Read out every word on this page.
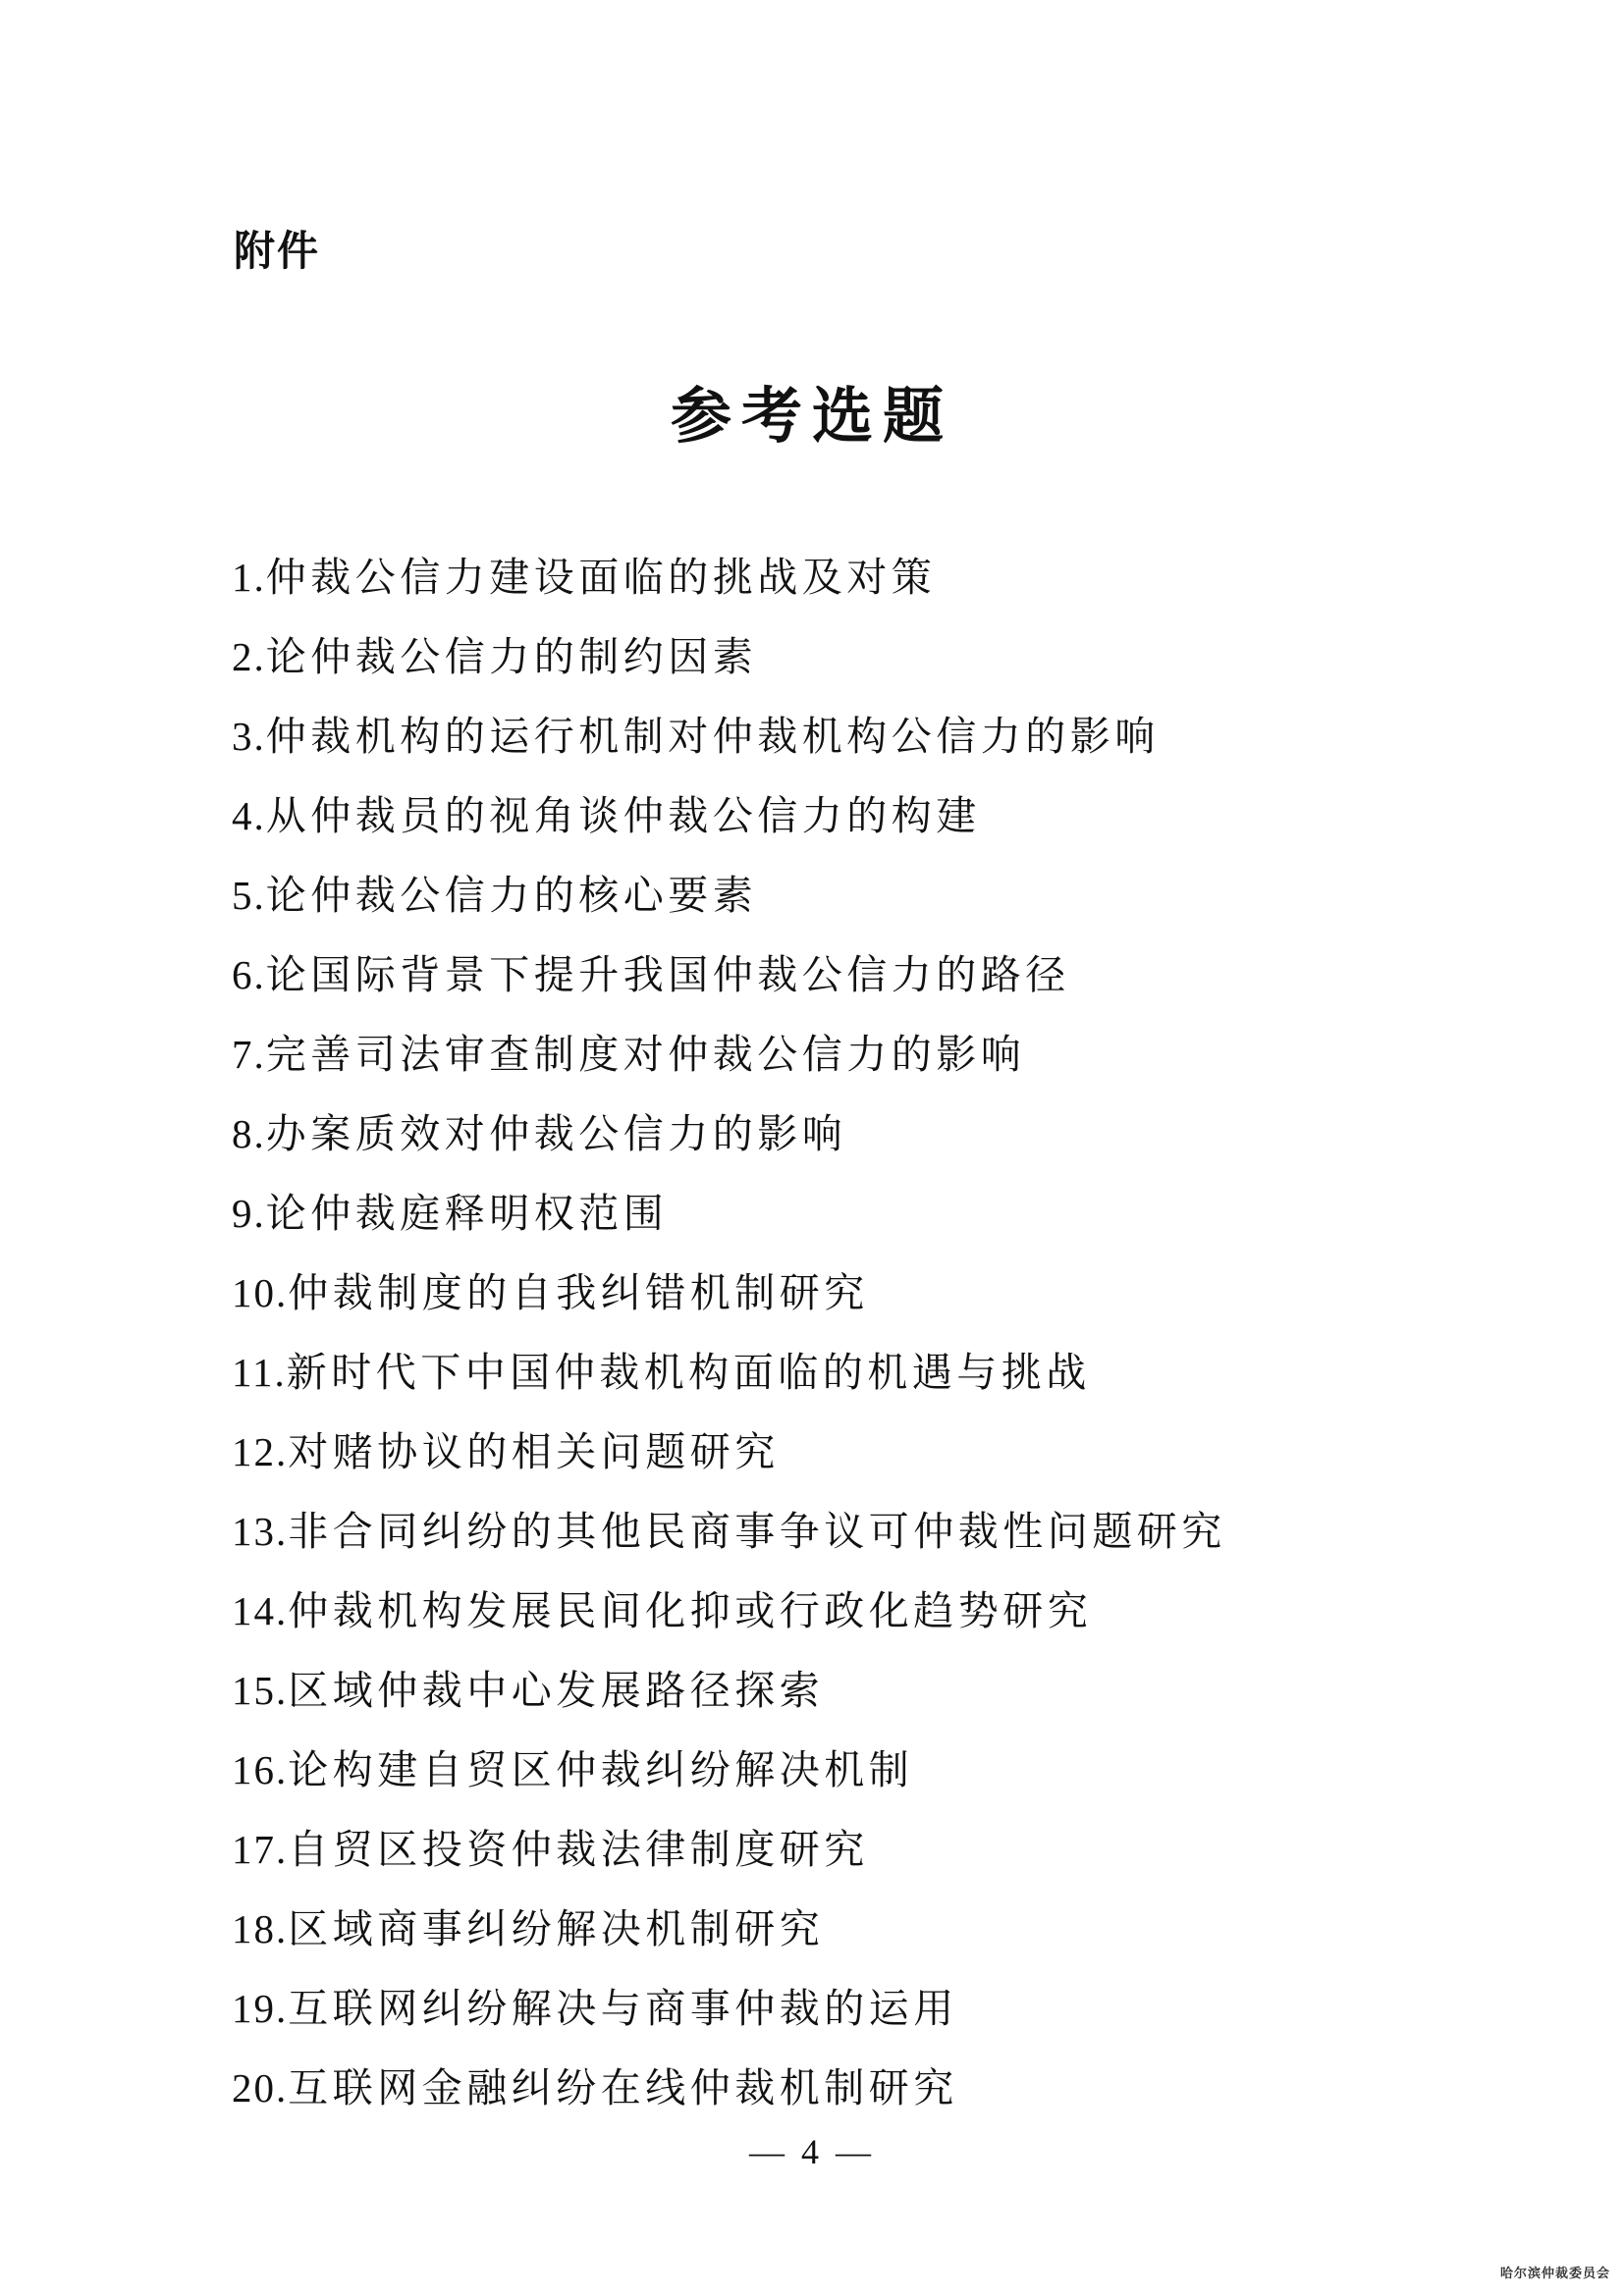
附件
参考选题
1.仲裁公信力建设面临的挑战及对策
2.论仲裁公信力的制约因素
3.仲裁机构的运行机制对仲裁机构公信力的影响
4.从仲裁员的视角谈仲裁公信力的构建
5.论仲裁公信力的核心要素
6.论国际背景下提升我国仲裁公信力的路径
7.完善司法审查制度对仲裁公信力的影响
8.办案质效对仲裁公信力的影响
9.论仲裁庭释明权范围
10.仲裁制度的自我纠错机制研究
11.新时代下中国仲裁机构面临的机遇与挑战
12.对赌协议的相关问题研究
13.非合同纠纷的其他民商事争议可仲裁性问题研究
14.仲裁机构发展民间化抑或行政化趋势研究
15.区域仲裁中心发展路径探索
16.论构建自贸区仲裁纠纷解决机制
17.自贸区投资仲裁法律制度研究
18.区域商事纠纷解决机制研究
19.互联网纠纷解决与商事仲裁的运用
20.互联网金融纠纷在线仲裁机制研究
— 4 —
哈尔滨仲裁委员会
